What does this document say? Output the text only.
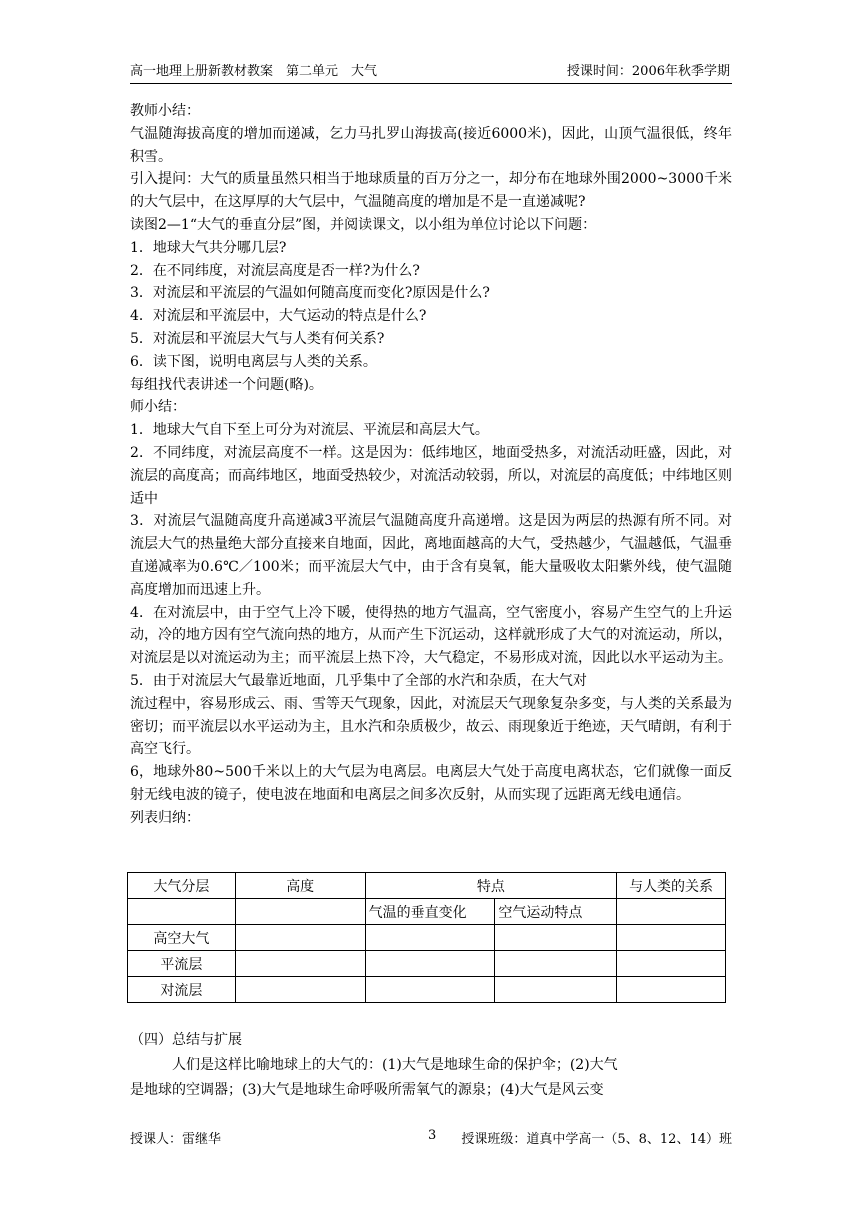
高一地理上册新教材教案　第二单元　大气	授课时间：2006年秋季学期

教师小结：

气温随海拔高度的增加而递减，乞力马扎罗山海拔高(接近6000米)，因此，山顶气温很低，终年积雪。

引入提问：大气的质量虽然只相当于地球质量的百万分之一，却分布在地球外围2000~3000千米的大气层中，在这厚厚的大气层中，气温随高度的增加是不是一直递减呢?

读图2—1“大气的垂直分层”图，并阅读课文，以小组为单位讨论以下问题：

1．地球大气共分哪几层?

2．在不同纬度，对流层高度是否一样?为什么?

3．对流层和平流层的气温如何随高度而变化?原因是什么?

4．对流层和平流层中，大气运动的特点是什么?

5．对流层和平流层大气与人类有何关系?

6．读下图，说明电离层与人类的关系。

每组找代表讲述一个问题(略)。

师小结：

1．地球大气自下至上可分为对流层、平流层和高层大气。

2．不同纬度，对流层高度不一样。这是因为：低纬地区，地面受热多，对流活动旺盛，因此，对流层的高度高；而高纬地区，地面受热较少，对流活动较弱，所以，对流层的高度低；中纬地区则适中

3．对流层气温随高度升高递减3平流层气温随高度升高递增。这是因为两层的热源有所不同。对流层大气的热量绝大部分直接来自地面，因此，离地面越高的大气，受热越少，气温越低，气温垂直递减率为0.6℃／100米；而平流层大气中，由于含有臭氧，能大量吸收太阳紫外线，使气温随高度增加而迅速上升。

4．在对流层中，由于空气上冷下暖，使得热的地方气温高，空气密度小，容易产生空气的上升运动，冷的地方因有空气流向热的地方，从而产生下沉运动，这样就形成了大气的对流运动，所以，对流层是以对流运动为主；而平流层上热下冷，大气稳定，不易形成对流，因此以水平运动为主。

5．由于对流层大气最靠近地面，几乎集中了全部的水汽和杂质，在大气对

流过程中，容易形成云、雨、雪等天气现象，因此，对流层天气现象复杂多变，与人类的关系最为密切；而平流层以水平运动为主，且水汽和杂质极少，故云、雨现象近于绝迹，天气晴朗，有利于高空飞行。

6，地球外80~500千米以上的大气层为电离层。电离层大气处于高度电离状态，它们就像一面反射无线电波的镜子，使电波在地面和电离层之间多次反射，从而实现了远距离无线电通信。

列表归纳：

大气分层	高度	特点		与人类的关系
		气温的垂直变化	空气运动特点	
高空大气				
平流层				
对流层				

（四）总结与扩展

　　　人们是这样比喻地球上的大气的：(1)大气是地球生命的保护伞；(2)大气

是地球的空调器；(3)大气是地球生命呼吸所需氧气的源泉；(4)大气是风云变

授课人：雷继华	3 授课班级：道真中学高一（5、8、12、14）班
